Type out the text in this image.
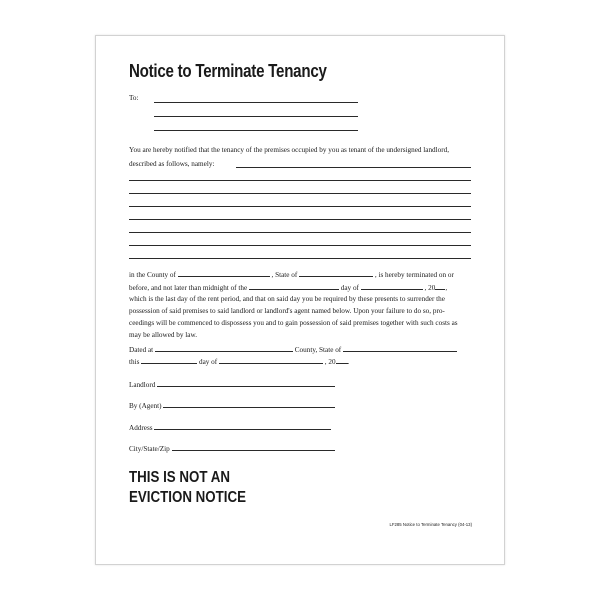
Notice to Terminate Tenancy
To:
You are hereby notified that the tenancy of the premises occupied by you as tenant of the undersigned landlord,
described as follows, namely:
in the County of	, State of	, is hereby terminated on or
before, and not later than midnight of the	day of	, 20 ,
which is the last day of the rent period, and that on said day you be required by these presents to surrender the
possession of said premises to said landlord or landlord's agent named below. Upon your failure to do so, pro-
ceedings will be commenced to dispossess you and to gain possession of said premises together with such costs as
may be allowed by law.
Dated at	County, State of
this	day of	, 20 .
Landlord
By (Agent)
Address
City/State/Zip
THIS IS NOT AN
EVICTION NOTICE
LF285 Notice to Terminate Tenancy (04-13)
